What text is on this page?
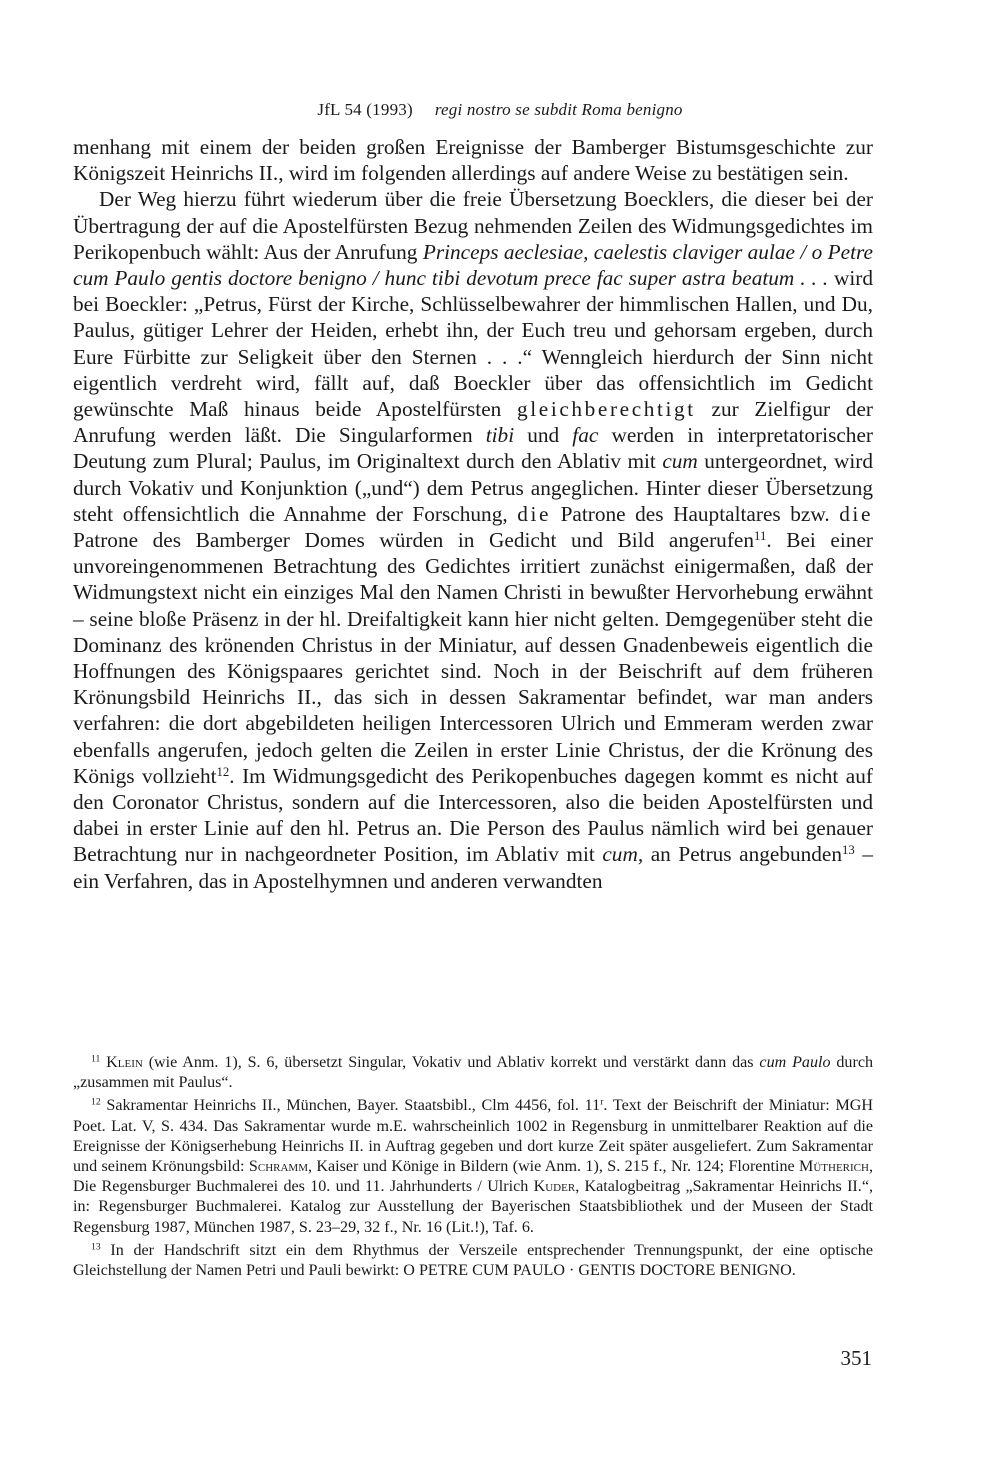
JfL 54 (1993) regi nostro se subdit Roma benigno

menhang mit einem der beiden großen Ereignisse der Bamberger Bistumsgeschichte zur Königszeit Heinrichs II., wird im folgenden allerdings auf andere Weise zu bestätigen sein.

Der Weg hierzu führt wiederum über die freie Übersetzung Boecklers, die dieser bei der Übertragung der auf die Apostelfürsten Bezug nehmenden Zeilen des Widmungsgedichtes im Perikopenbuch wählt: Aus der Anrufung Princeps aeclesiae, caelestis claviger aulae / o Petre cum Paulo gentis doctore benigno / hunc tibi devotum prece fac super astra beatum . . . wird bei Boeckler: „Petrus, Fürst der Kirche, Schlüsselbewahrer der himmlischen Hallen, und Du, Paulus, gütiger Lehrer der Heiden, erhebt ihn, der Euch treu und gehorsam ergeben, durch Eure Fürbitte zur Seligkeit über den Sternen . . .“ Wenngleich hierdurch der Sinn nicht eigentlich verdreht wird, fällt auf, daß Boeckler über das offensichtlich im Gedicht gewünschte Maß hinaus beide Apostelfürsten gleichberechtigt zur Zielfigur der Anrufung werden läßt. Die Singularformen tibi und fac werden in interpretatorischer Deutung zum Plural; Paulus, im Originaltext durch den Ablativ mit cum untergeordnet, wird durch Vokativ und Konjunktion („und“) dem Petrus angeglichen. Hinter dieser Übersetzung steht offensichtlich die Annahme der Forschung, die Patrone des Hauptaltares bzw. die Patrone des Bamberger Domes würden in Gedicht und Bild angerufen$^{11}$. Bei einer unvoreingenommenen Betrachtung des Gedichtes irritiert zunächst einigermaßen, daß der Widmungstext nicht ein einziges Mal den Namen Christi in bewußter Hervorhebung erwähnt – seine bloße Präsenz in der hl. Dreifaltigkeit kann hier nicht gelten. Demgegenüber steht die Dominanz des krönenden Christus in der Miniatur, auf dessen Gnadenbeweis eigentlich die Hoffnungen des Königspaares gerichtet sind. Noch in der Beischrift auf dem früheren Krönungsbild Heinrichs II., das sich in dessen Sakramentar befindet, war man anders verfahren: die dort abgebildeten heiligen Intercessoren Ulrich und Emmeram werden zwar ebenfalls angerufen, jedoch gelten die Zeilen in erster Linie Christus, der die Krönung des Königs vollzieht$^{12}$. Im Widmungsgedicht des Perikopenbuches dagegen kommt es nicht auf den Coronator Christus, sondern auf die Intercessoren, also die beiden Apostelfürsten und dabei in erster Linie auf den hl. Petrus an. Die Person des Paulus nämlich wird bei genauer Betrachtung nur in nachgeordneter Position, im Ablativ mit cum, an Petrus angebunden$^{13}$ – ein Verfahren, das in Apostelhymnen und anderen verwandten

$^{11}$ Klein (wie Anm. 1), S. 6, übersetzt Singular, Vokativ und Ablativ korrekt und verstärkt dann das cum Paulo durch „zusammen mit Paulus“.

$^{12}$ Sakramentar Heinrichs II., München, Bayer. Staatsbibl., Clm 4456, fol. 11$^r$. Text der Beischrift der Miniatur: MGH Poet. Lat. V, S. 434. Das Sakramentar wurde m.E. wahrscheinlich 1002 in Regensburg in unmittelbarer Reaktion auf die Ereignisse der Königserhebung Heinrichs II. in Auftrag gegeben und dort kurze Zeit später ausgeliefert. Zum Sakramentar und seinem Krönungsbild: Schramm, Kaiser und Könige in Bildern (wie Anm. 1), S. 215 f., Nr. 124; Florentine Mütherich, Die Regensburger Buchmalerei des 10. und 11. Jahrhunderts / Ulrich Kuder, Katalogbeitrag „Sakramentar Heinrichs II.“, in: Regensburger Buchmalerei. Katalog zur Ausstellung der Bayerischen Staatsbibliothek und der Museen der Stadt Regensburg 1987, München 1987, S. 23–29, 32 f., Nr. 16 (Lit.!), Taf. 6.

$^{13}$ In der Handschrift sitzt ein dem Rhythmus der Verszeile entsprechender Trennungspunkt, der eine optische Gleichstellung der Namen Petri und Pauli bewirkt: O PETRE CUM PAULO · GENTIS DOCTORE BENIGNO.

351
